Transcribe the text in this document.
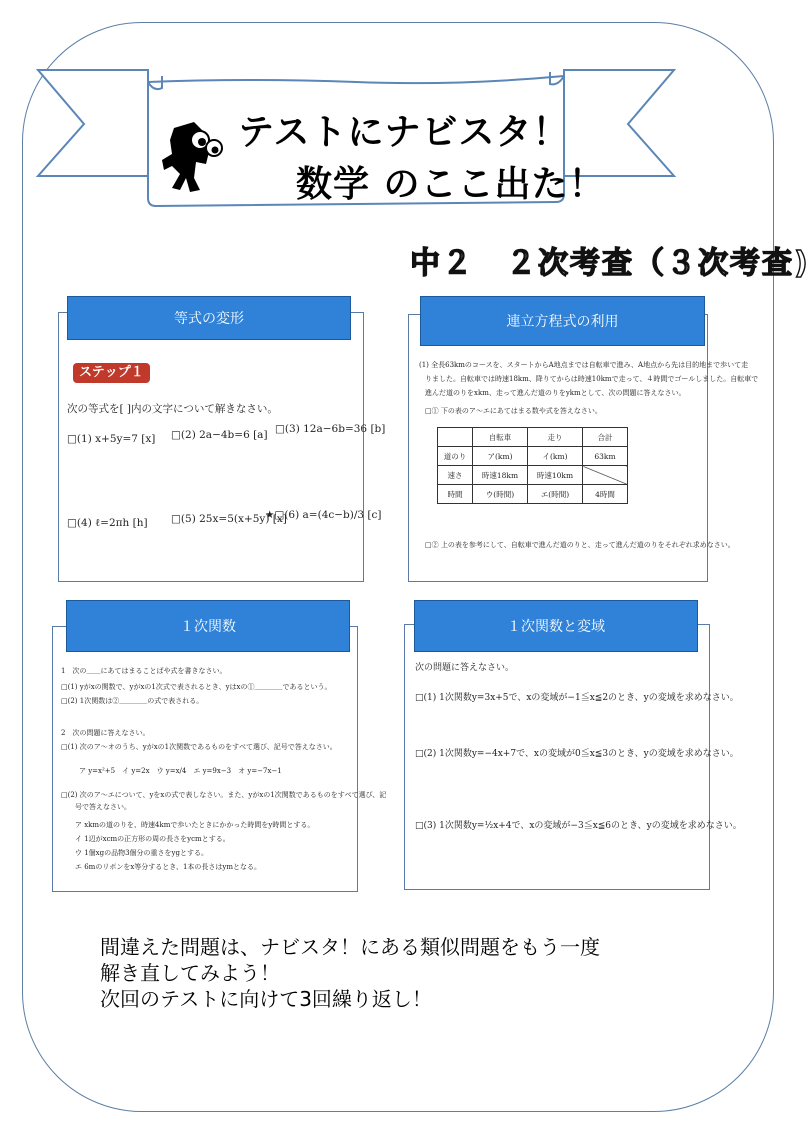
テストにナビスタ！
数学 のここ出た！
中２　２次考査（３次考査)
ステップ１
次の等式を[ ]内の文字について解きなさい。
□(1) x+5y=7 [x] □(2) 2a−4b=6 [a] □(3) 12a−6b=36 [b]
□(4) ℓ=2πh [h] □(5) 25x=5(x+5y) [x]
★□(6) a=(4c−b)/3 [c]
等式の変形
(1) 全長63kmのコースを、スタートからA地点までは自転車で進み、A地点から先は目的地まで歩いて走
りました。自転車では時速18km、降りてからは時速10kmで走って、４時間でゴールしました。自転車で
進んだ道のりをxkm、走って進んだ道のりをykmとして、次の問題に答えなさい。
□① 下の表のア～エにあてはまる数や式を答えなさい。
	自転車	走り	合計
道のり	ア(km)	イ(km)	63km
速さ	時速18km	時速10km	
時間	ウ(時間)	エ(時間)	4時間
□② 上の表を参考にして、自転車で進んだ道のりと、走って進んだ道のりをそれぞれ求めなさい。
連立方程式の利用
1　次の＿＿にあてはまることばや式を書きなさい。
□(1) yがxの関数で、yがxの1次式で表されるとき、yはxの①＿＿＿＿であるという。
□(2) 1次関数は②＿＿＿＿の式で表される。
2　次の問題に答えなさい。
□(1) 次のア～オのうち、yがxの1次関数であるものをすべて選び、記号で答えなさい。
ア y=x²+5　イ y=2x　ウ y=x/4　エ y=9x−3　オ y=−7x−1
□(2) 次のア～エについて、yをxの式で表しなさい。また、yがxの1次関数であるものをすべて選び、記
号で答えなさい。
ア xkmの道のりを、時速4kmで歩いたときにかかった時間をy時間とする。
イ 1辺がxcmの正方形の周の長さをycmとする。
ウ 1個xgの品物3個分の重さをygとする。
エ 6mのリボンをx等分するとき、1本の長さはymとなる。
１次関数
次の問題に答えなさい。
□(1) 1次関数y=3x+5で、xの変域が−1≦x≦2のとき、yの変域を求めなさい。
□(2) 1次関数y=−4x+7で、xの変域が0≦x≦3のとき、yの変域を求めなさい。
□(3) 1次関数y=½x+4で、xの変域が−3≦x≦6のとき、yの変域を求めなさい。
１次関数と変域
間違えた問題は、ナビスタ！にある類似問題をもう一度
解き直してみよう！
次回のテストに向けて3回繰り返し！
